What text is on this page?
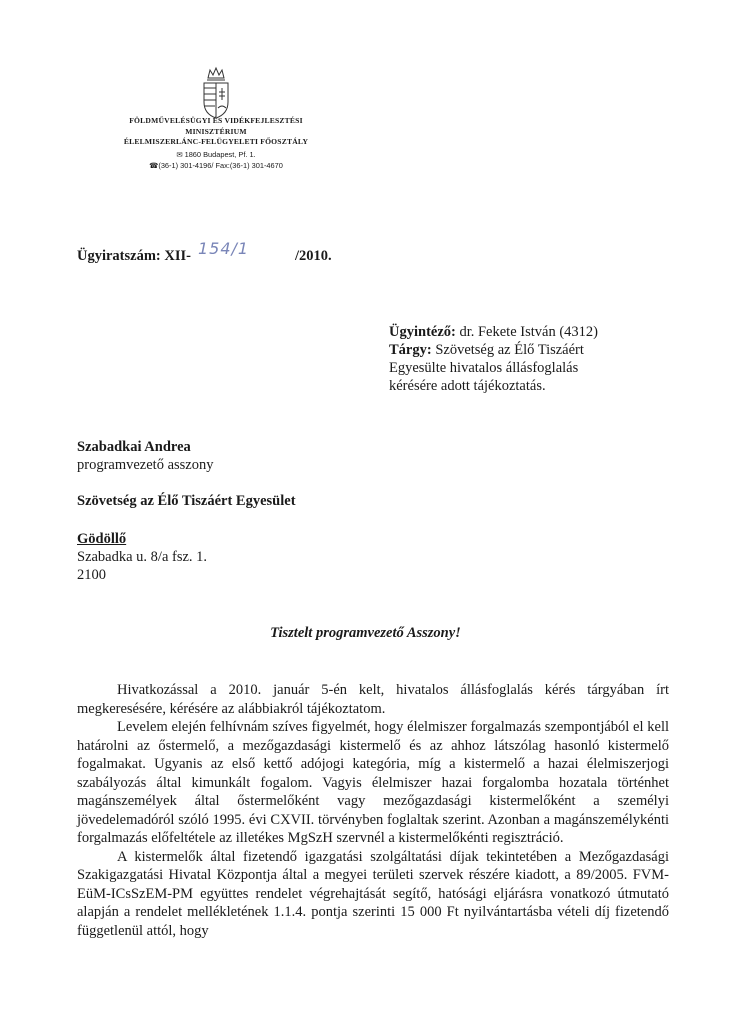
FÖLDMŰVELÉSÜGYI ÉS VIDÉKFEJLESZTÉSI
MINISZTÉRIUM
ÉLELMISZERLÁNC-FELÜGYELETI FŐOSZTÁLY
✉ 1860 Budapest, Pf. 1.
☎(36-1) 301-4196/ Fax:(36-1) 301-4670
Ügyiratszám: XII- 154/1	/2010.
Ügyintéző: dr. Fekete István (4312)
Tárgy: Szövetség az Élő Tiszáért
Egyesülte hivatalos állásfoglalás
kérésére adott tájékoztatás.
Szabadkai Andrea
programvezető asszony
Szövetség az Élő Tiszáért Egyesület
Gödöllő
Szabadka u. 8/a fsz. 1.
2100
Tisztelt programvezető Asszony!

Hivatkozással a 2010. január 5-én kelt, hivatalos állásfoglalás kérés tárgyában írt megkeresésére, kérésére az alábbiakról tájékoztatom.

Levelem elején felhívnám szíves figyelmét, hogy élelmiszer forgalmazás szempontjából el kell határolni az őstermelő, a mezőgazdasági kistermelő és az ahhoz látszólag hasonló kistermelő fogalmakat. Ugyanis az első kettő adójogi kategória, míg a kistermelő a hazai élelmiszerjogi szabályozás által kimunkált fogalom. Vagyis élelmiszer hazai forgalomba hozatala történhet magánszemélyek által őstermelőként vagy mezőgazdasági kistermelőként a személyi jövedelemadóról szóló 1995. évi CXVII. törvényben foglaltak szerint. Azonban a magánszemélykénti forgalmazás előfeltétele az illetékes MgSzH szervnél a kistermelőkénti regisztráció.

A kistermelők által fizetendő igazgatási szolgáltatási díjak tekintetében a Mezőgazdasági Szakigazgatási Hivatal Központja által a megyei területi szervek részére kiadott, a 89/2005. FVM-EüM-ICsSzEM-PM együttes rendelet végrehajtását segítő, hatósági eljárásra vonatkozó útmutató alapján a rendelet mellékletének 1.1.4. pontja szerinti 15 000 Ft nyilvántartásba vételi díj fizetendő függetlenül attól, hogy
